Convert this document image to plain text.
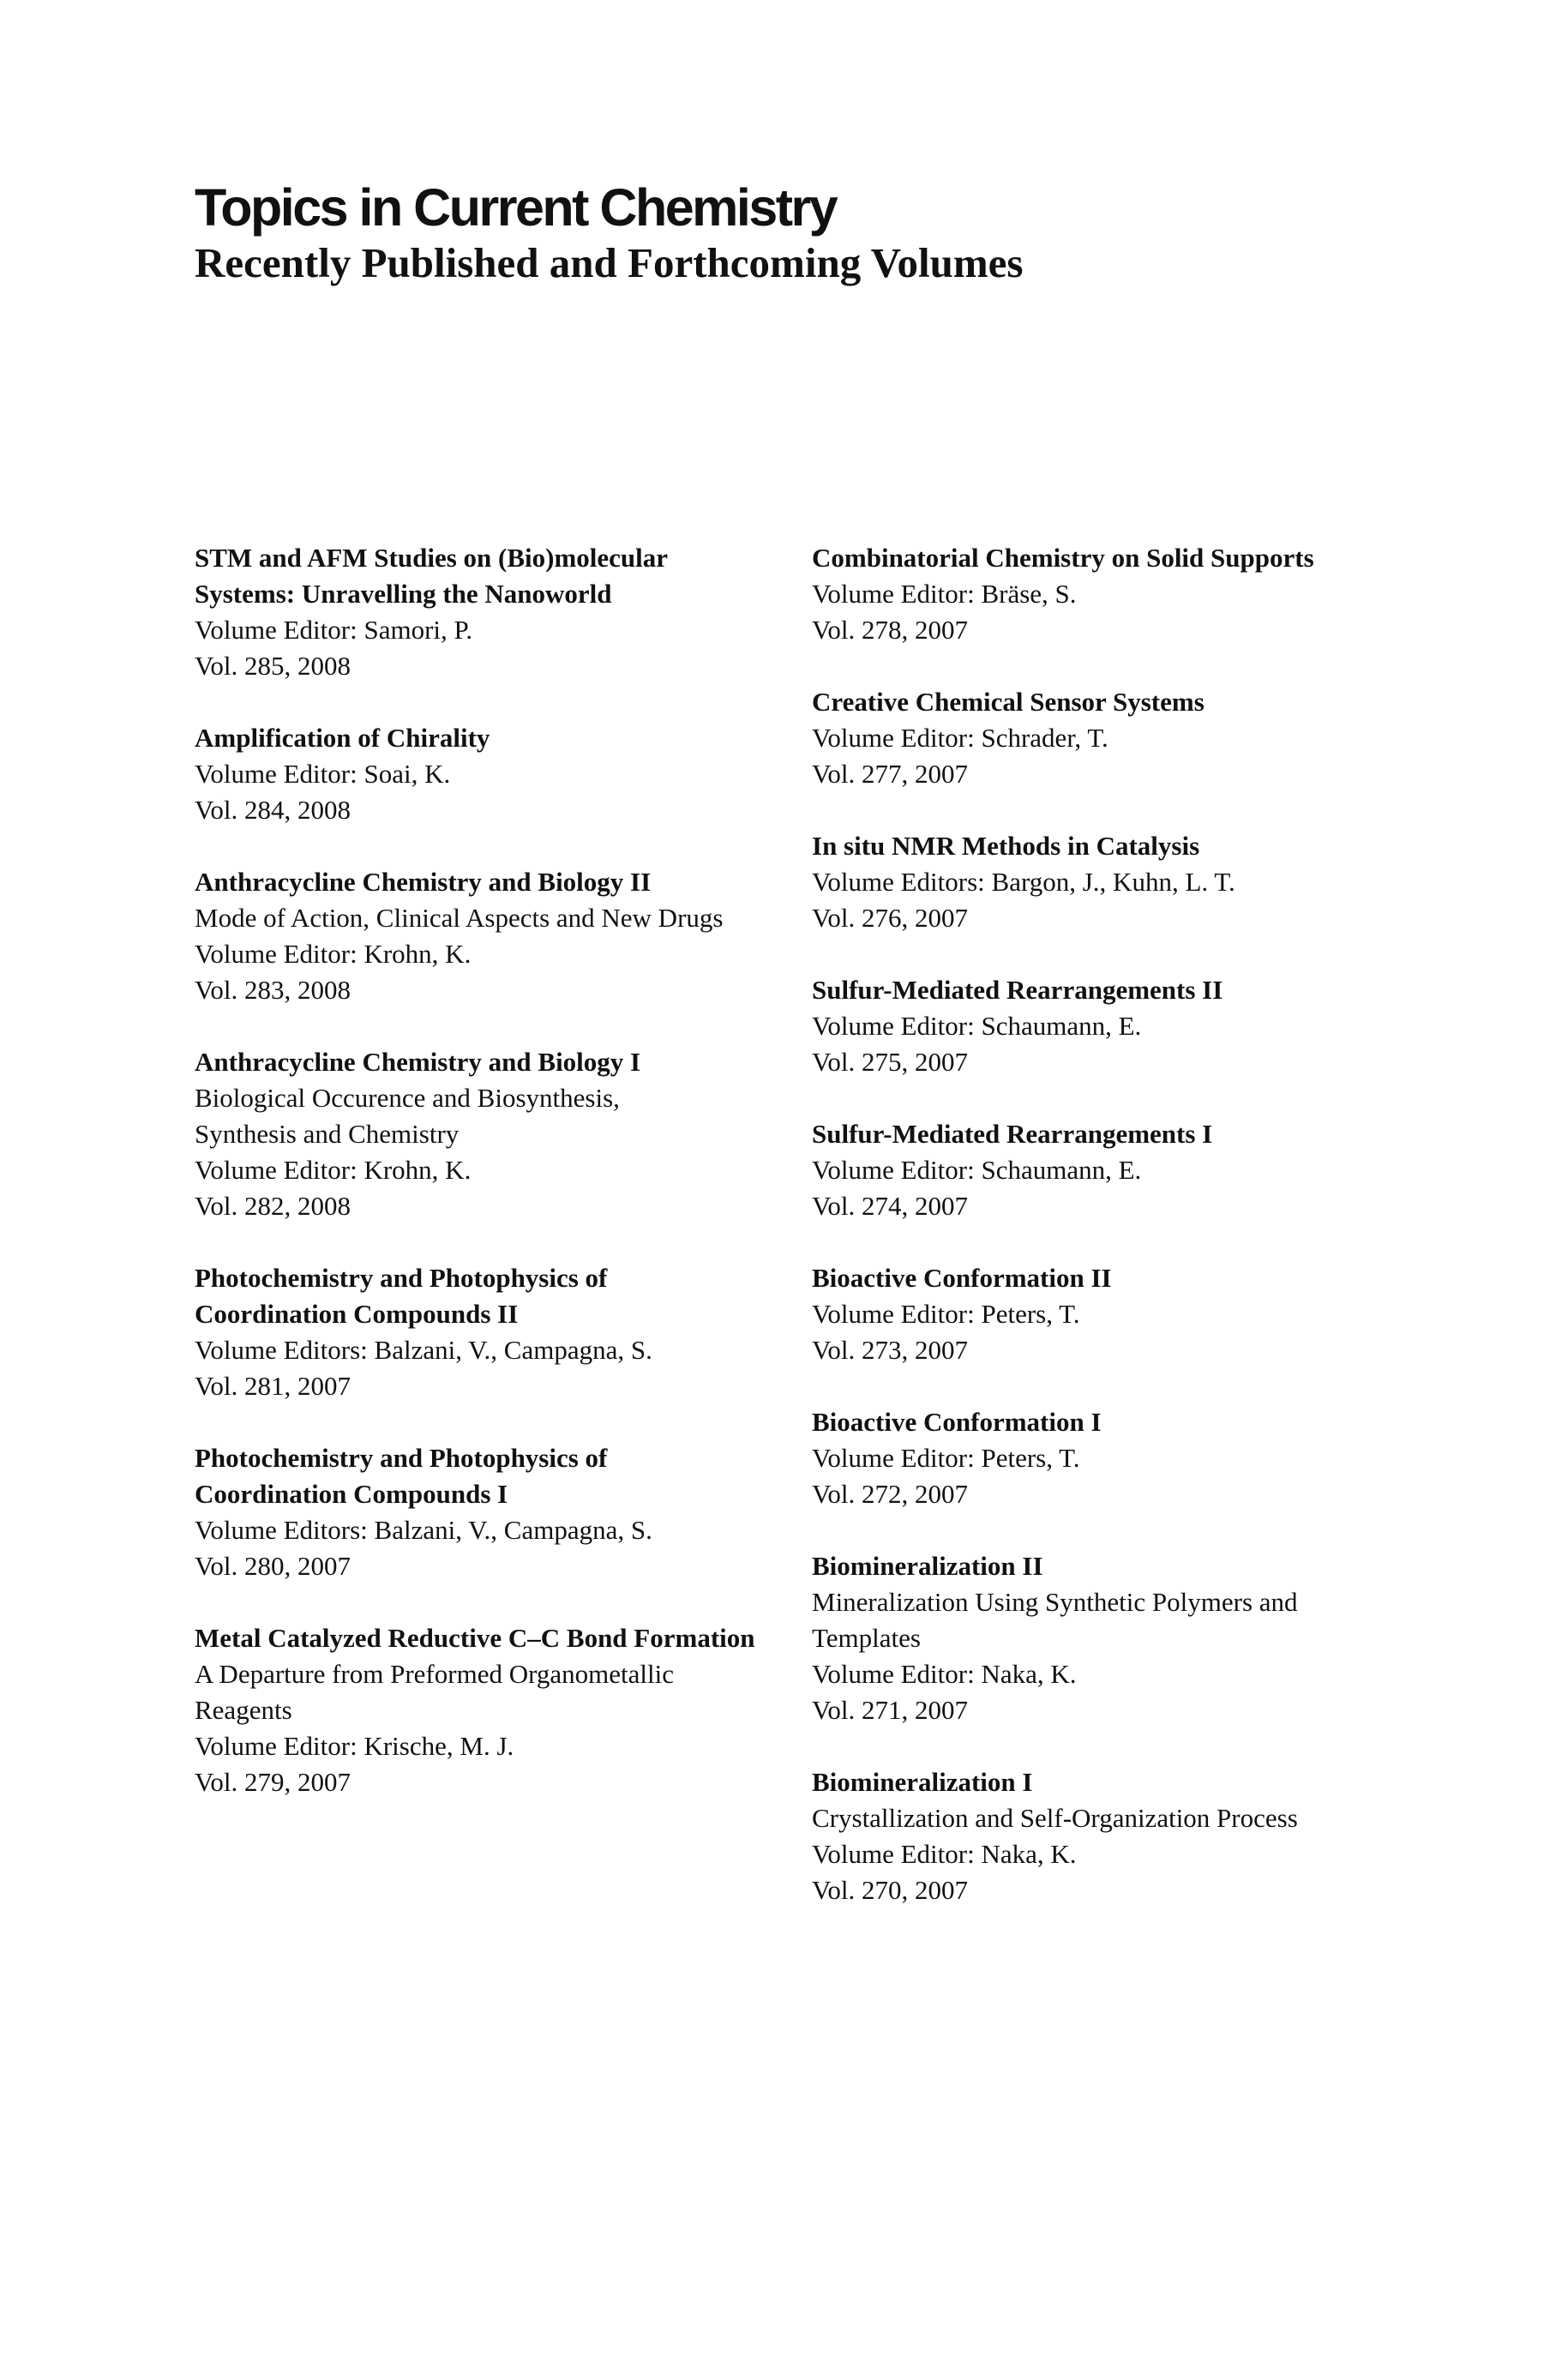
Topics in Current Chemistry
Recently Published and Forthcoming Volumes
STM and AFM Studies on (Bio)molecular
Systems: Unravelling the Nanoworld
Volume Editor: Samori, P.
Vol. 285, 2008
Amplification of Chirality
Volume Editor: Soai, K.
Vol. 284, 2008
Anthracycline Chemistry and Biology II
Mode of Action, Clinical Aspects and New Drugs
Volume Editor: Krohn, K.
Vol. 283, 2008
Anthracycline Chemistry and Biology I
Biological Occurence and Biosynthesis,
Synthesis and Chemistry
Volume Editor: Krohn, K.
Vol. 282, 2008
Photochemistry and Photophysics of
Coordination Compounds II
Volume Editors: Balzani, V., Campagna, S.
Vol. 281, 2007
Photochemistry and Photophysics of
Coordination Compounds I
Volume Editors: Balzani, V., Campagna, S.
Vol. 280, 2007
Metal Catalyzed Reductive C–C Bond Formation
A Departure from Preformed Organometallic
Reagents
Volume Editor: Krische, M. J.
Vol. 279, 2007
Combinatorial Chemistry on Solid Supports
Volume Editor: Bräse, S.
Vol. 278, 2007
Creative Chemical Sensor Systems
Volume Editor: Schrader, T.
Vol. 277, 2007
In situ NMR Methods in Catalysis
Volume Editors: Bargon, J., Kuhn, L. T.
Vol. 276, 2007
Sulfur-Mediated Rearrangements II
Volume Editor: Schaumann, E.
Vol. 275, 2007
Sulfur-Mediated Rearrangements I
Volume Editor: Schaumann, E.
Vol. 274, 2007
Bioactive Conformation II
Volume Editor: Peters, T.
Vol. 273, 2007
Bioactive Conformation I
Volume Editor: Peters, T.
Vol. 272, 2007
Biomineralization II
Mineralization Using Synthetic Polymers and
Templates
Volume Editor: Naka, K.
Vol. 271, 2007
Biomineralization I
Crystallization and Self-Organization Process
Volume Editor: Naka, K.
Vol. 270, 2007
